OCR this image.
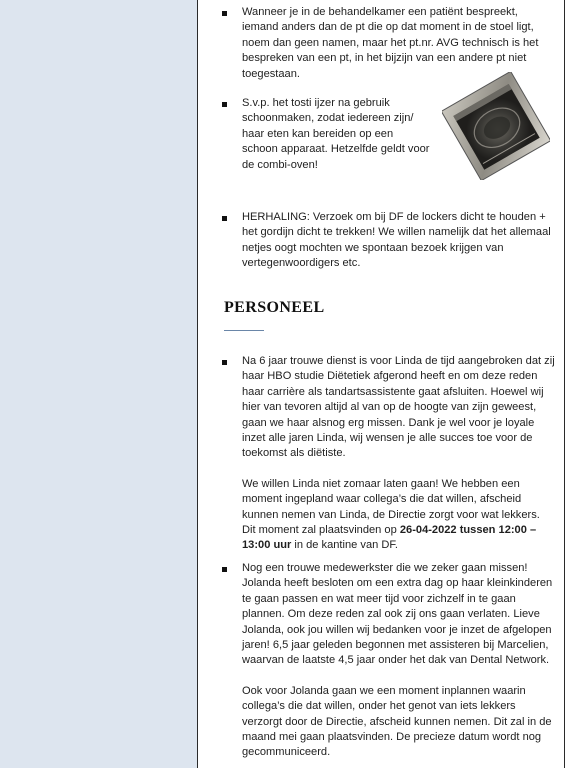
Wanneer je in de behandelkamer een patiënt bespreekt, iemand anders dan de pt die op dat moment in de stoel ligt, noem dan geen namen, maar het pt.nr. AVG technisch is het bespreken van een pt, in het bijzijn van een andere pt niet toegestaan.
S.v.p. het tosti ijzer na gebruik schoonmaken, zodat iedereen zijn/ haar eten kan bereiden op een schoon apparaat. Hetzelfde geldt voor de combi-oven!
HERHALING: Verzoek om bij DF de lockers dicht te houden + het gordijn dicht te trekken! We willen namelijk dat het allemaal netjes oogt mochten we spontaan bezoek krijgen van vertegenwoordigers etc.
PERSONEEL

Na 6 jaar trouwe dienst is voor Linda de tijd aangebroken dat zij haar HBO studie Diëtetiek afgerond heeft en om deze reden haar carrière als tandartsassistente gaat afsluiten. Hoewel wij hier van tevoren altijd al van op de hoogte van zijn geweest, gaan we haar alsnog erg missen. Dank je wel voor je loyale inzet alle jaren Linda, wij wensen je alle succes toe voor de toekomst als diëtiste.

We willen Linda niet zomaar laten gaan! We hebben een moment ingepland waar collega’s die dat willen, afscheid kunnen nemen van Linda, de Directie zorgt voor wat lekkers. Dit moment zal plaatsvinden op 26-04-2022 tussen 12:00 – 13:00 uur in de kantine van DF.

Nog een trouwe medewerkster die we zeker gaan missen! Jolanda heeft besloten om een extra dag op haar kleinkinderen te gaan passen en wat meer tijd voor zichzelf in te gaan plannen. Om deze reden zal ook zij ons gaan verlaten. Lieve Jolanda, ook jou willen wij bedanken voor je inzet de afgelopen jaren! 6,5 jaar geleden begonnen met assisteren bij Marcelien, waarvan de laatste 4,5 jaar onder het dak van Dental Network.

Ook voor Jolanda gaan we een moment inplannen waarin collega’s die dat willen, onder het genot van iets lekkers verzorgt door de Directie, afscheid kunnen nemen. Dit zal in de maand mei gaan plaatsvinden. De precieze datum wordt nog gecommuniceerd.
